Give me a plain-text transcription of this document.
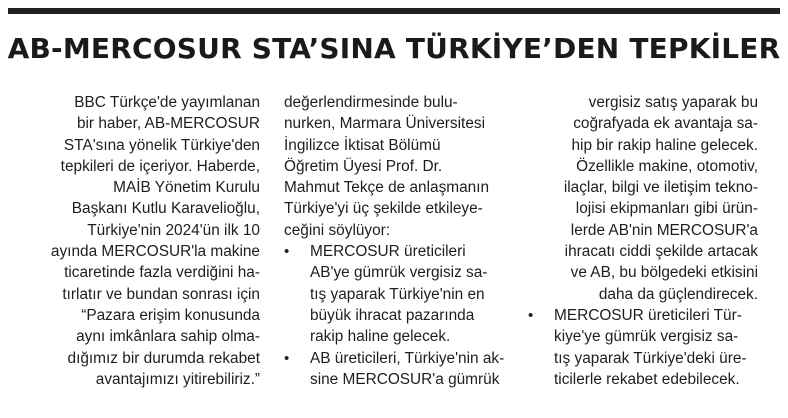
AB-MERCOSUR STA’SINA TÜRKİYE’DEN TEPKİLER
BBC Türkçe'de yayımlanan
bir haber, AB-MERCOSUR
STA'sına yönelik Türkiye'den
tepkileri de içeriyor. Haberde,
MAİB Yönetim Kurulu
Başkanı Kutlu Karavelioğlu,
Türkiye'nin 2024'ün ilk 10
ayında MERCOSUR'la makine
ticaretinde fazla verdiğini ha-
tırlatır ve bundan sonrası için
“Pazara erişim konusunda
aynı imkânlara sahip olma-
dığımız bir durumda rekabet
avantajımızı yitirebiliriz.”
değerlendirmesinde bulu-
nurken, Marmara Üniversitesi
İngilizce İktisat Bölümü
Öğretim Üyesi Prof. Dr.
Mahmut Tekçe de anlaşmanın
Türkiye'yi üç şekilde etkileye-
ceğini söylüyor:
• MERCOSUR üreticileri
AB'ye gümrük vergisiz sa-
tış yaparak Türkiye'nin en
büyük ihracat pazarında
rakip haline gelecek.
• AB üreticileri, Türkiye'nin ak-
sine MERCOSUR'a gümrük
vergisiz satış yaparak bu
coğrafyada ek avantaja sa-
hip bir rakip haline gelecek.
Özellikle makine, otomotiv,
ilaçlar, bilgi ve iletişim tekno-
lojisi ekipmanları gibi ürün-
lerde AB'nin MERCOSUR'a
ihracatı ciddi şekilde artacak
ve AB, bu bölgedeki etkisini
daha da güçlendirecek.
• MERCOSUR üreticileri Tür-
kiye'ye gümrük vergisiz sa-
tış yaparak Türkiye'deki üre-
ticilerle rekabet edebilecek.
